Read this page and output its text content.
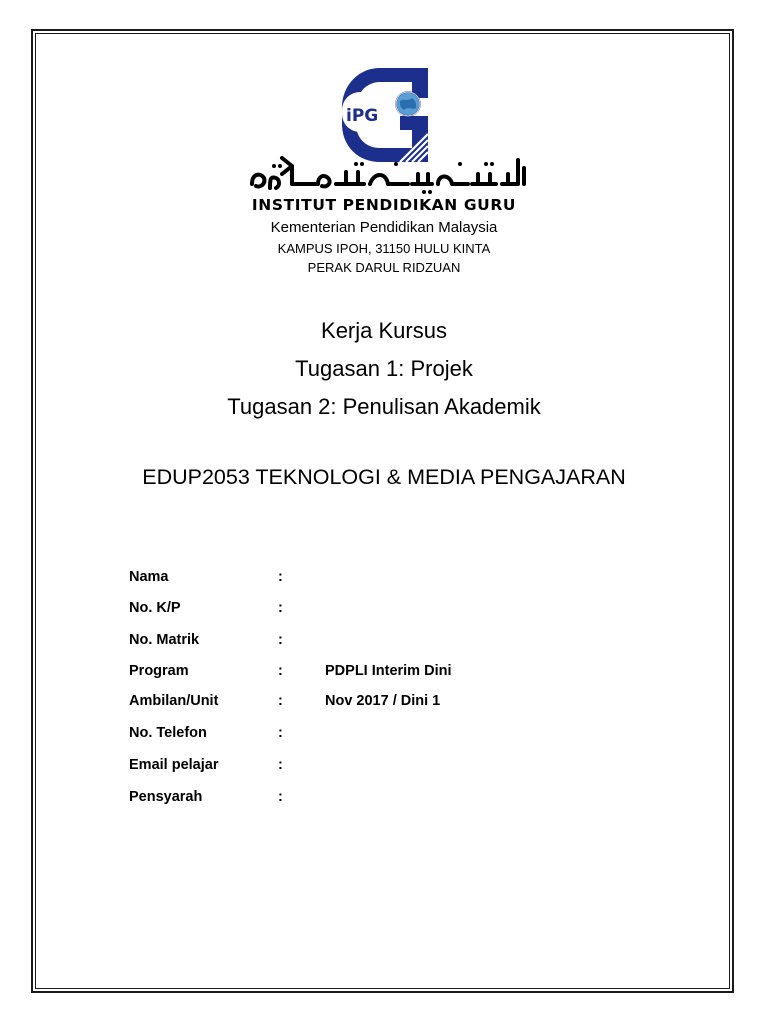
iPG
INSTITUT PENDIDIKAN GURU
Kementerian Pendidikan Malaysia
KAMPUS IPOH, 31150 HULU KINTA
PERAK DARUL RIDZUAN
Kerja Kursus
Tugasan 1: Projek
Tugasan 2: Penulisan Akademik
EDUP2053 TEKNOLOGI & MEDIA PENGAJARAN
Nama	:
No. K/P	:
No. Matrik	:
Program	:	PDPLI Interim Dini
Ambilan/Unit	:	Nov 2017 / Dini 1
No. Telefon	:
Email pelajar	:
Pensyarah	:
